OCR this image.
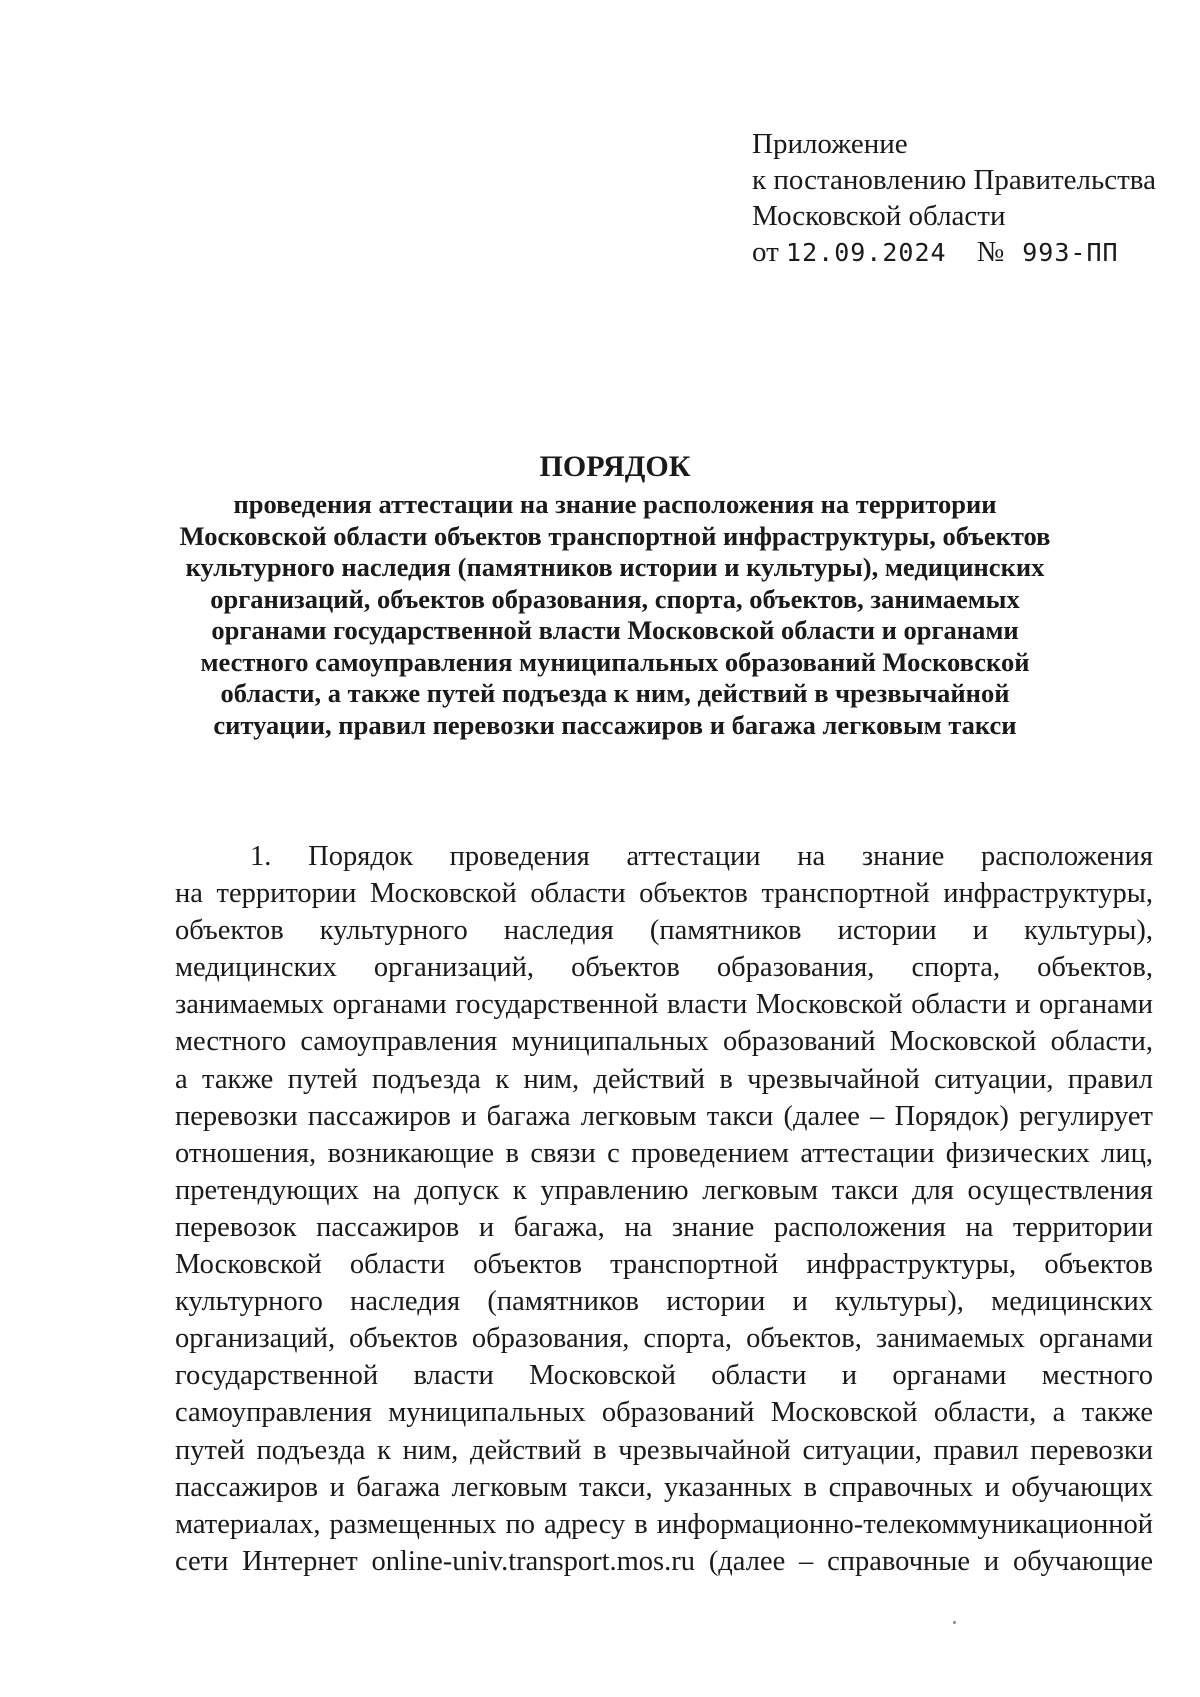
Приложение
к постановлению Правительства
Московской области
от 12.09.2024 № 993-ПП
ПОРЯДОК
проведения аттестации на знание расположения на территории
Московской области объектов транспортной инфраструктуры, объектов
культурного наследия (памятников истории и культуры), медицинских
организаций, объектов образования, спорта, объектов, занимаемых
органами государственной власти Московской области и органами
местного самоуправления муниципальных образований Московской
области, а также путей подъезда к ним, действий в чрезвычайной
ситуации, правил перевозки пассажиров и багажа легковым такси
1. Порядок проведения аттестации на знание расположения
на территории Московской области объектов транспортной инфраструктуры,
объектов культурного наследия (памятников истории и культуры),
медицинских организаций, объектов образования, спорта, объектов,
занимаемых органами государственной власти Московской области и органами
местного самоуправления муниципальных образований Московской области,
а также путей подъезда к ним, действий в чрезвычайной ситуации, правил
перевозки пассажиров и багажа легковым такси (далее – Порядок) регулирует
отношения, возникающие в связи с проведением аттестации физических лиц,
претендующих на допуск к управлению легковым такси для осуществления
перевозок пассажиров и багажа, на знание расположения на территории
Московской области объектов транспортной инфраструктуры, объектов
культурного наследия (памятников истории и культуры), медицинских
организаций, объектов образования, спорта, объектов, занимаемых органами
государственной власти Московской области и органами местного
самоуправления муниципальных образований Московской области, а также
путей подъезда к ним, действий в чрезвычайной ситуации, правил перевозки
пассажиров и багажа легковым такси, указанных в справочных и обучающих
материалах, размещенных по адресу в информационно-телекоммуникационной
сети Интернет online-univ.transport.mos.ru (далее – справочные и обучающие
